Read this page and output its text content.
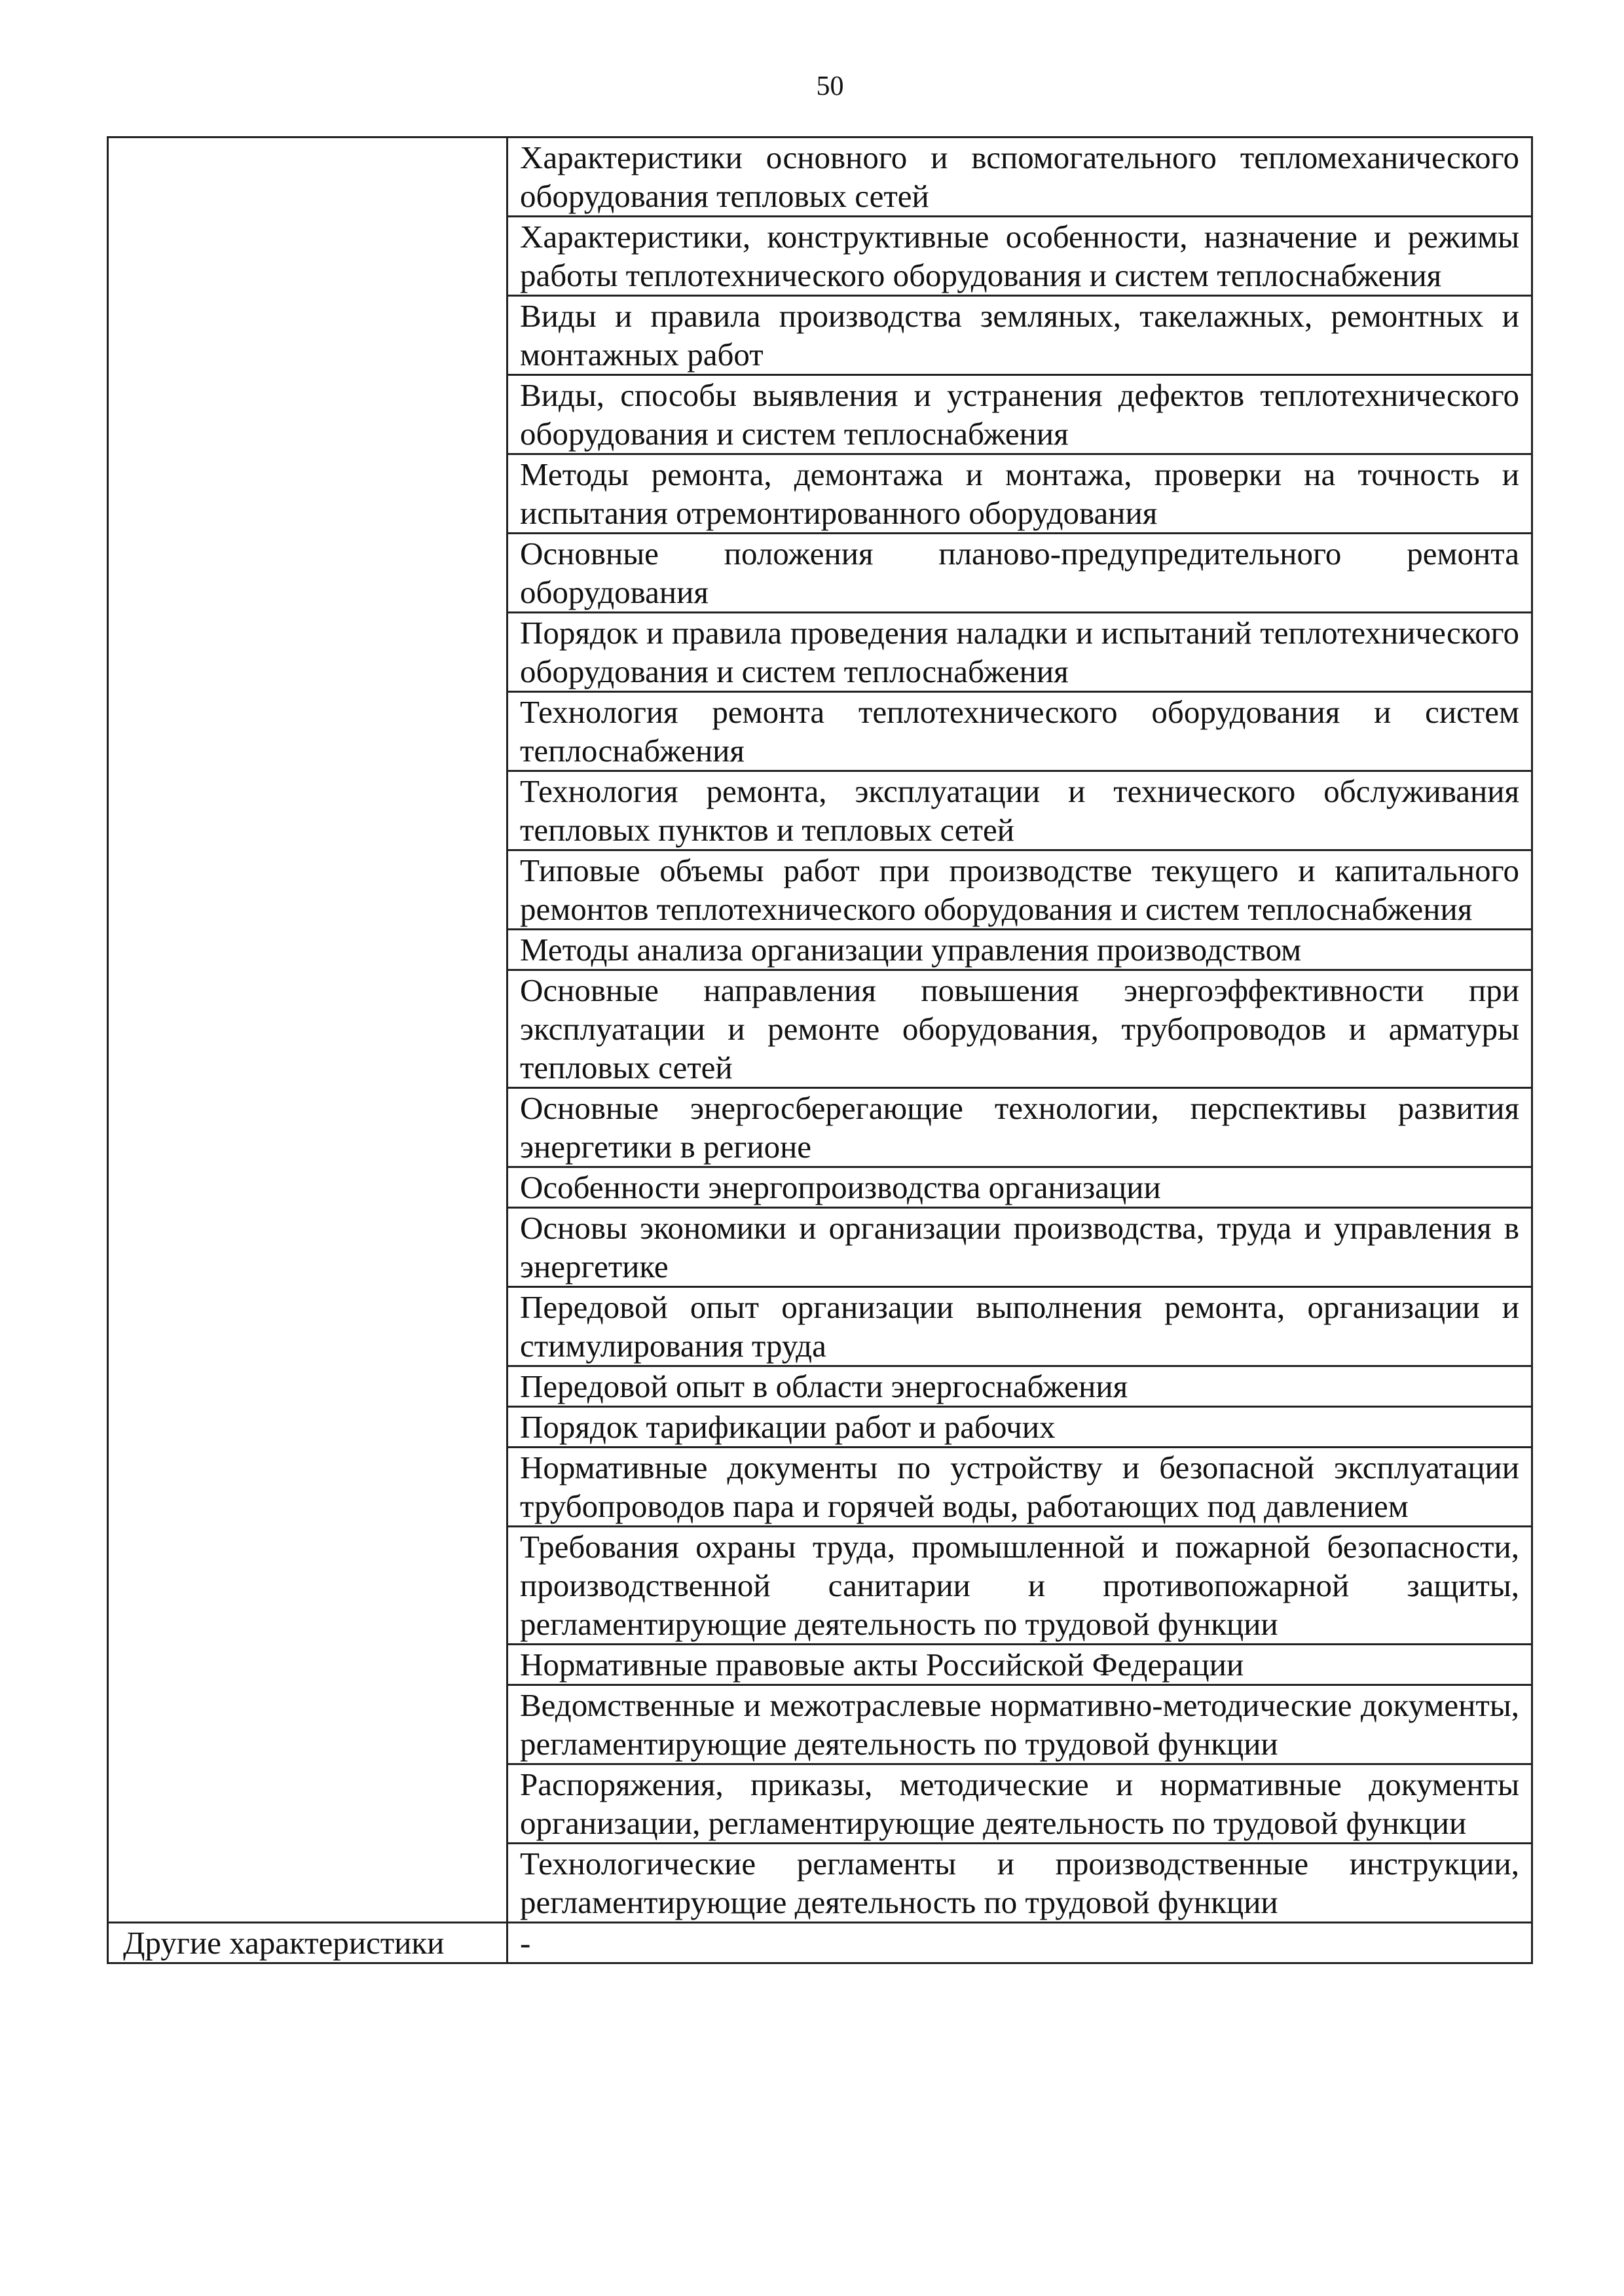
50
	Характеристики основного и вспомогательного тепломеханического оборудования тепловых сетей
	Характеристики, конструктивные особенности, назначение и режимы работы теплотехнического оборудования и систем теплоснабжения
	Виды и правила производства земляных, такелажных, ремонтных и монтажных работ
	Виды, способы выявления и устранения дефектов теплотехнического оборудования и систем теплоснабжения
	Методы ремонта, демонтажа и монтажа, проверки на точность и испытания отремонтированного оборудования
	Основные положения планово-предупредительного ремонта оборудования
	Порядок и правила проведения наладки и испытаний теплотехнического оборудования и систем теплоснабжения
	Технология ремонта теплотехнического оборудования и систем теплоснабжения
	Технология ремонта, эксплуатации и технического обслуживания тепловых пунктов и тепловых сетей
	Типовые объемы работ при производстве текущего и капитального ремонтов теплотехнического оборудования и систем теплоснабжения
	Методы анализа организации управления производством
	Основные направления повышения энергоэффективности при эксплуатации и ремонте оборудования, трубопроводов и арматуры тепловых сетей
	Основные энергосберегающие технологии, перспективы развития энергетики в регионе
	Особенности энергопроизводства организации
	Основы экономики и организации производства, труда и управления в энергетике
	Передовой опыт организации выполнения ремонта, организации и стимулирования труда
	Передовой опыт в области энергоснабжения
	Порядок тарификации работ и рабочих
	Нормативные документы по устройству и безопасной эксплуатации трубопроводов пара и горячей воды, работающих под давлением
	Требования охраны труда, промышленной и пожарной безопасности, производственной санитарии и противопожарной защиты, регламентирующие деятельность по трудовой функции
	Нормативные правовые акты Российской Федерации
	Ведомственные и межотраслевые нормативно-методические документы, регламентирующие деятельность по трудовой функции
	Распоряжения, приказы, методические и нормативные документы организации, регламентирующие деятельность по трудовой функции
	Технологические регламенты и производственные инструкции, регламентирующие деятельность по трудовой функции
Другие характеристики	-
